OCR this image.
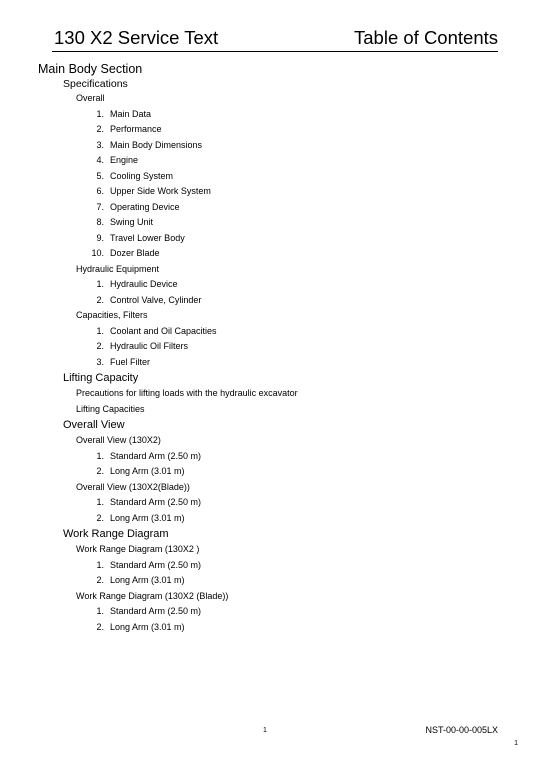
130 X2 Service Text	Table of Contents
Main Body Section
Specifications
Overall
1. Main Data
2. Performance
3. Main Body Dimensions
4. Engine
5. Cooling System
6. Upper Side Work System
7. Operating Device
8. Swing Unit
9. Travel Lower Body
10. Dozer Blade
Hydraulic Equipment
1. Hydraulic Device
2. Control Valve, Cylinder
Capacities, Filters
1. Coolant and Oil Capacities
2. Hydraulic Oil Filters
3. Fuel Filter
Lifting Capacity
Precautions for lifting loads with the hydraulic excavator
Lifting Capacities
Overall View
Overall View (130X2)
1. Standard Arm (2.50 m)
2. Long Arm (3.01 m)
Overall View (130X2(Blade))
1. Standard Arm (2.50 m)
2. Long Arm (3.01 m)
Work Range Diagram
Work Range Diagram (130X2 )
1. Standard Arm (2.50 m)
2. Long Arm (3.01 m)
Work Range Diagram (130X2 (Blade))
1. Standard Arm (2.50 m)
2. Long Arm (3.01 m)
1	NST-00-00-005LX
1
